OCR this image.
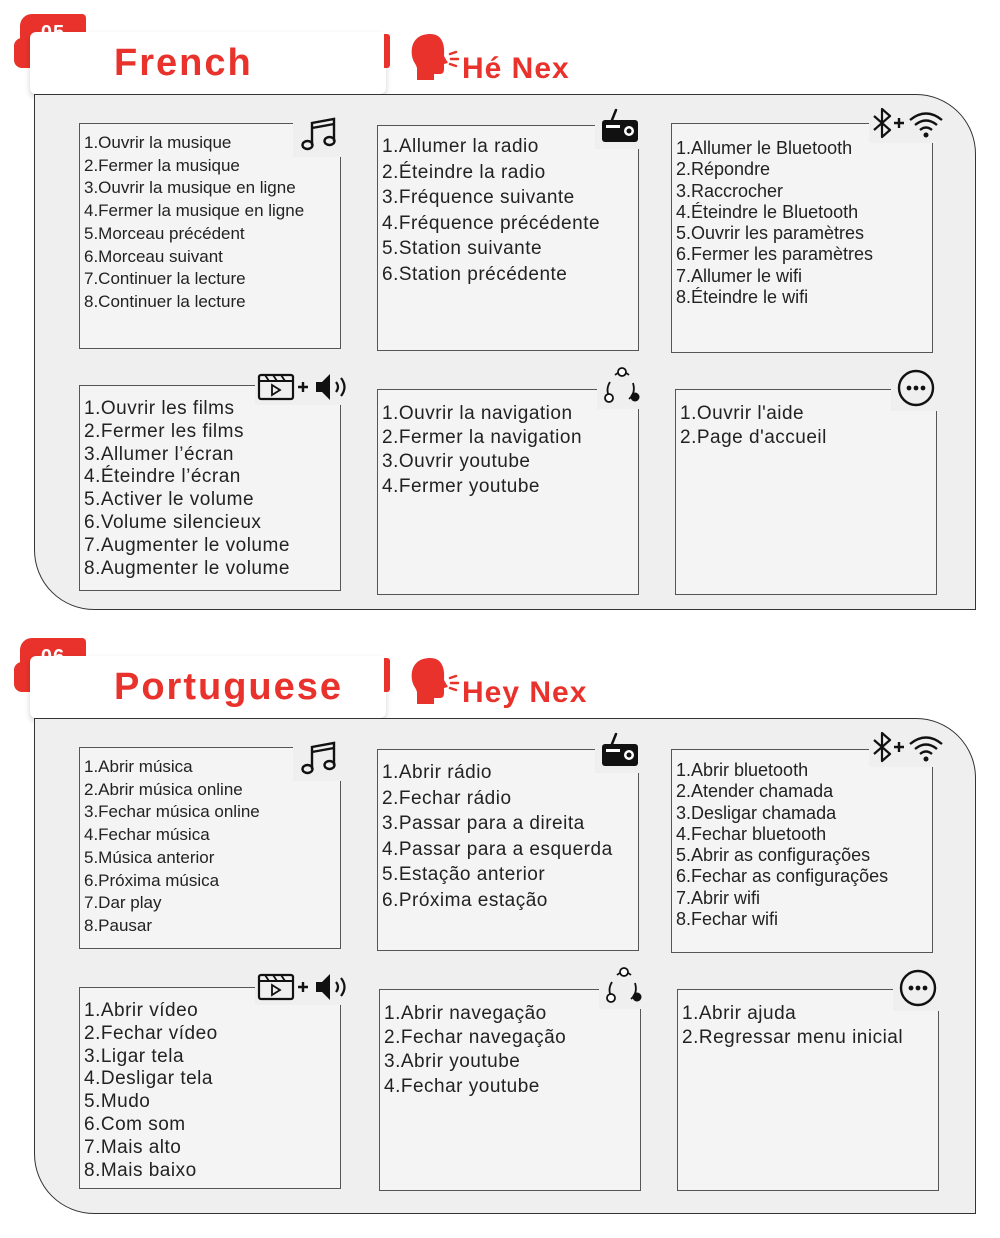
French	Hé Nex
1.Ouvrir la musique
2.Fermer la musique
3.Ouvrir la musique en ligne
4.Fermer la musique en ligne
5.Morceau précédent
6.Morceau suivant
7.Continuer la lecture
8.Continuer la lecture
1.Allumer la radio
2.Éteindre la radio
3.Fréquence suivante
4.Fréquence précédente
5.Station suivante
6.Station précédente
1.Allumer le Bluetooth
2.Répondre
3.Raccrocher
4.Éteindre le Bluetooth
5.Ouvrir les paramètres
6.Fermer les paramètres
7.Allumer le wifi
8.Éteindre le wifi
1.Ouvrir les films
2.Fermer les films
3.Allumer l’écran
4.Éteindre l’écran
5.Activer le volume
6.Volume silencieux
7.Augmenter le volume
8.Augmenter le volume
1.Ouvrir la navigation
2.Fermer la navigation
3.Ouvrir youtube
4.Fermer youtube
1.Ouvrir l'aide
2.Page d'accueil
Portuguese	Hey Nex
1.Abrir música
2.Abrir música online
3.Fechar música online
4.Fechar música
5.Música anterior
6.Próxima música
7.Dar play
8.Pausar
1.Abrir rádio
2.Fechar rádio
3.Passar para a direita
4.Passar para a esquerda
5.Estação anterior
6.Próxima estação
1.Abrir bluetooth
2.Atender chamada
3.Desligar chamada
4.Fechar bluetooth
5.Abrir as configurações
6.Fechar as configurações
7.Abrir wifi
8.Fechar wifi
1.Abrir vídeo
2.Fechar vídeo
3.Ligar tela
4.Desligar tela
5.Mudo
6.Com som
7.Mais alto
8.Mais baixo
1.Abrir navegação
2.Fechar navegação
3.Abrir youtube
4.Fechar youtube
1.Abrir ajuda
2.Regressar menu inicial
